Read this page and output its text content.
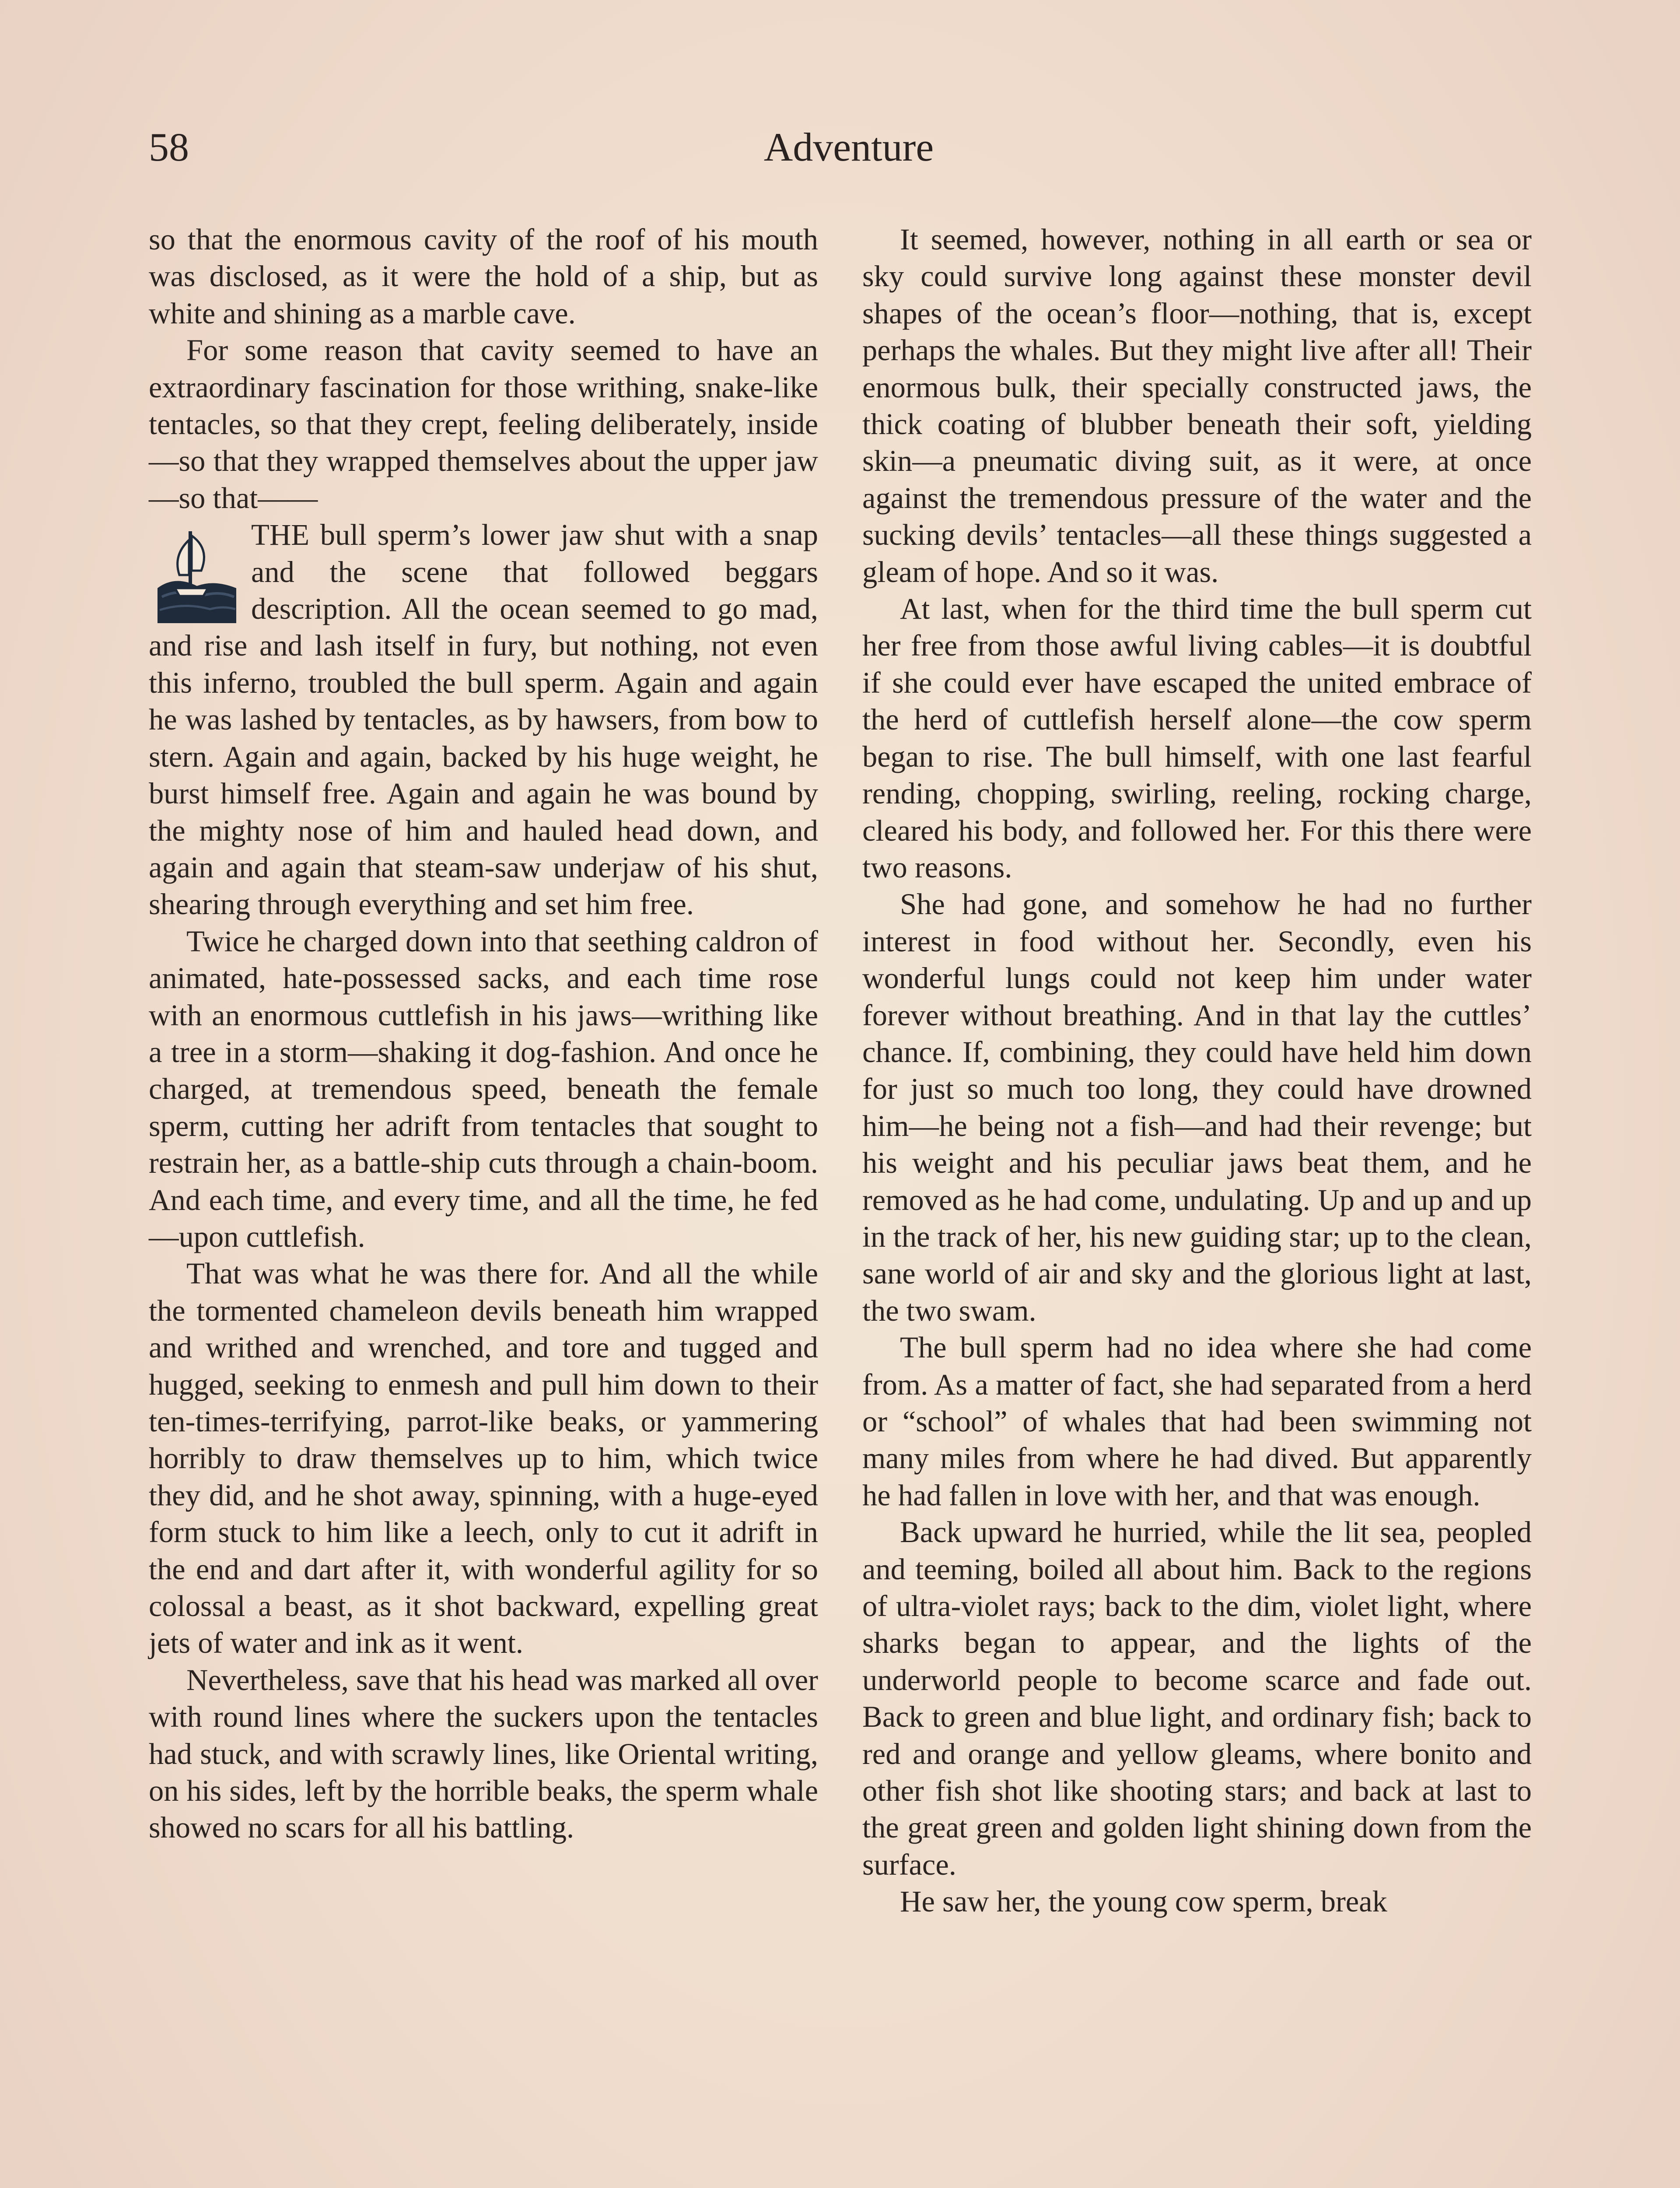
58	Adventure

so that the enormous cavity of the roof of his mouth was disclosed, as it were the hold of a ship, but as white and shining as a marble cave.

For some reason that cavity seemed to have an extraordinary fascination for those writhing, snake-like tentacles, so that they crept, feeling deliberately, inside—so that they wrapped themselves about the upper jaw—so that——

THE bull sperm’s lower jaw shut with a snap and the scene that followed beggars description. All the ocean seemed to go mad, and rise and lash itself in fury, but nothing, not even this inferno, troubled the bull sperm. Again and again he was lashed by tentacles, as by hawsers, from bow to stern. Again and again, backed by his huge weight, he burst himself free. Again and again he was bound by the mighty nose of him and hauled head down, and again and again that steam-saw underjaw of his shut, shearing through everything and set him free.

Twice he charged down into that seething caldron of animated, hate-possessed sacks, and each time rose with an enormous cuttlefish in his jaws—writhing like a tree in a storm—shaking it dog-fashion. And once he charged, at tremendous speed, beneath the female sperm, cutting her adrift from tentacles that sought to restrain her, as a battle-ship cuts through a chain-boom. And each time, and every time, and all the time, he fed—upon cuttlefish.

That was what he was there for. And all the while the tormented chameleon devils beneath him wrapped and writhed and wrenched, and tore and tugged and hugged, seeking to enmesh and pull him down to their ten-times-terrifying, parrot-like beaks, or yammering horribly to draw themselves up to him, which twice they did, and he shot away, spinning, with a huge-eyed form stuck to him like a leech, only to cut it adrift in the end and dart after it, with wonderful agility for so colossal a beast, as it shot backward, expelling great jets of water and ink as it went.

Nevertheless, save that his head was marked all over with round lines where the suckers upon the tentacles had stuck, and with scrawly lines, like Oriental writing, on his sides, left by the horrible beaks, the sperm whale showed no scars for all his battling.

It seemed, however, nothing in all earth or sea or sky could survive long against these monster devil shapes of the ocean’s floor—nothing, that is, except perhaps the whales. But they might live after all! Their enormous bulk, their specially constructed jaws, the thick coating of blubber beneath their soft, yielding skin—a pneumatic diving suit, as it were, at once against the tremendous pressure of the water and the sucking devils’ tentacles—all these things suggested a gleam of hope. And so it was.

At last, when for the third time the bull sperm cut her free from those awful living cables—it is doubtful if she could ever have escaped the united embrace of the herd of cuttlefish herself alone—the cow sperm began to rise. The bull himself, with one last fearful rending, chopping, swirling, reeling, rocking charge, cleared his body, and followed her. For this there were two reasons.

She had gone, and somehow he had no further interest in food without her. Secondly, even his wonderful lungs could not keep him under water forever without breathing. And in that lay the cuttles’ chance. If, combining, they could have held him down for just so much too long, they could have drowned him—he being not a fish—and had their revenge; but his weight and his peculiar jaws beat them, and he removed as he had come, undulating. Up and up and up in the track of her, his new guiding star; up to the clean, sane world of air and sky and the glorious light at last, the two swam.

The bull sperm had no idea where she had come from. As a matter of fact, she had separated from a herd or “school” of whales that had been swimming not many miles from where he had dived. But apparently he had fallen in love with her, and that was enough.

Back upward he hurried, while the lit sea, peopled and teeming, boiled all about him. Back to the regions of ultra-violet rays; back to the dim, violet light, where sharks began to appear, and the lights of the underworld people to become scarce and fade out. Back to green and blue light, and ordinary fish; back to red and orange and yellow gleams, where bonito and other fish shot like shooting stars; and back at last to the great green and golden light shining down from the surface.

He saw her, the young cow sperm, break
